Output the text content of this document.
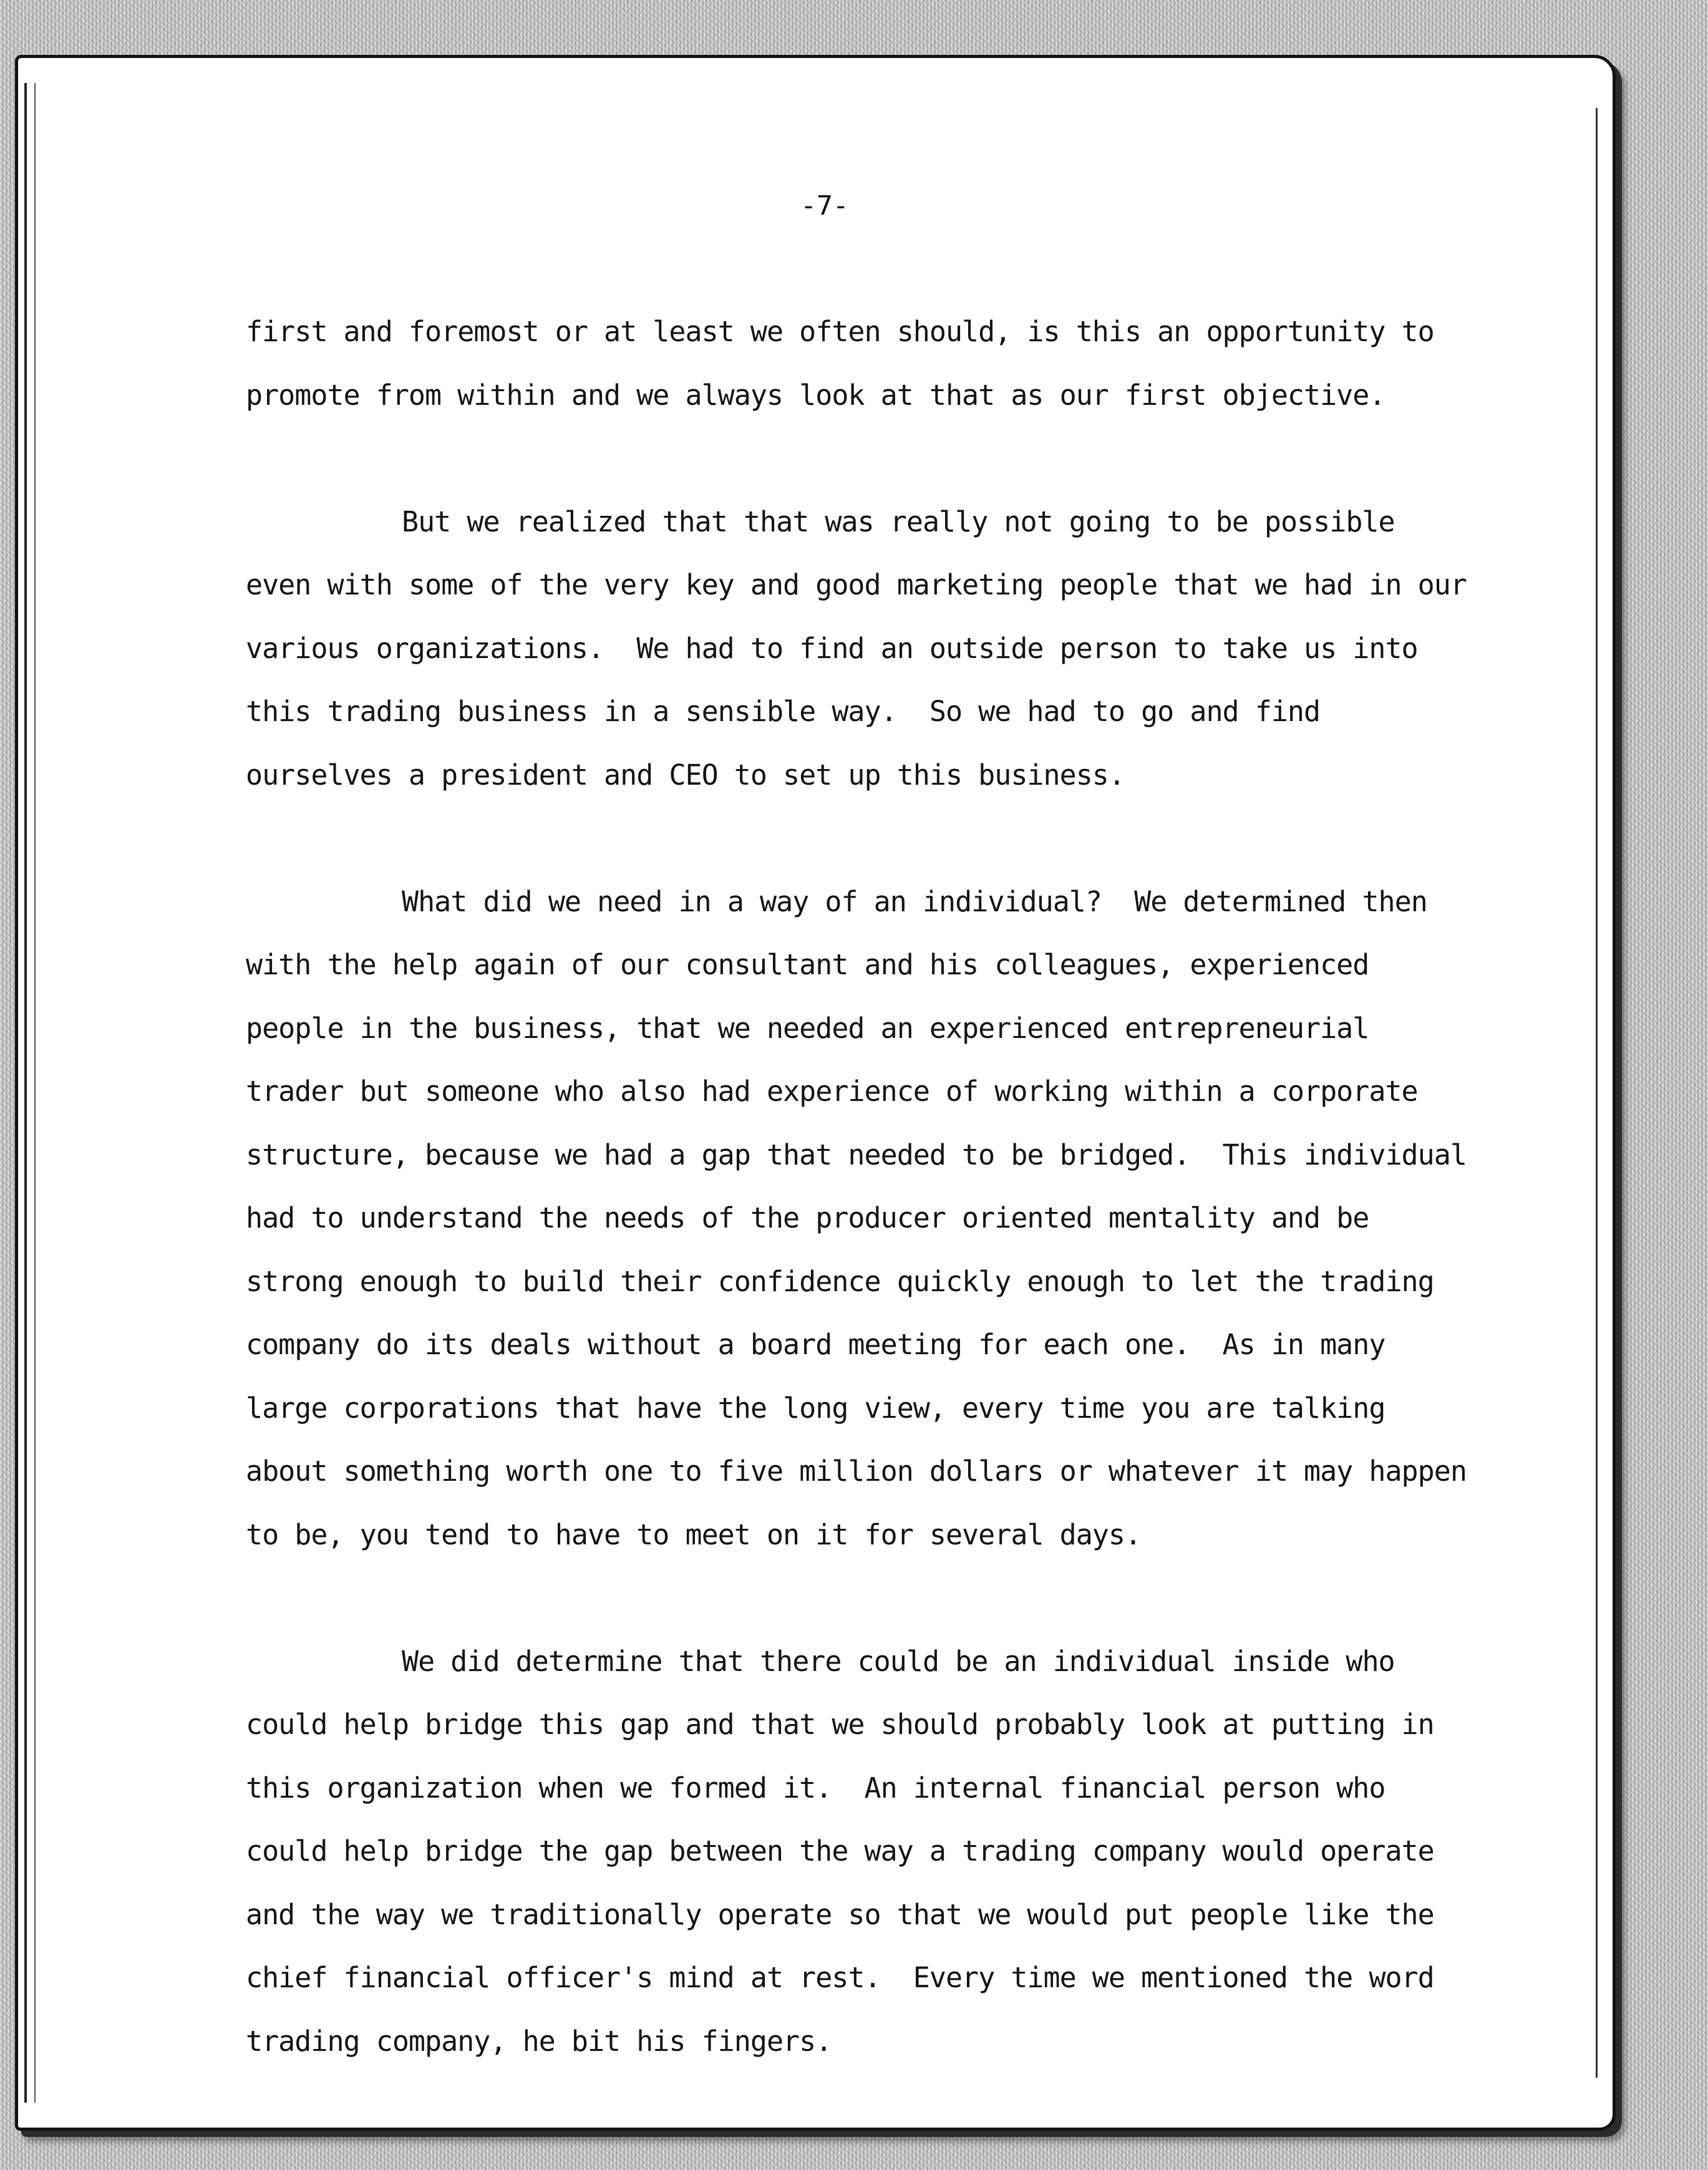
-7-

first and foremost or at least we often should, is this an opportunity to promote from within and we always look at that as our first objective.

But we realized that that was really not going to be possible even with some of the very key and good marketing people that we had in our various organizations.  We had to find an outside person to take us into this trading business in a sensible way.  So we had to go and find ourselves a president and CEO to set up this business.

What did we need in a way of an individual?  We determined then with the help again of our consultant and his colleagues, experienced people in the business, that we needed an experienced entrepreneurial trader but someone who also had experience of working within a corporate structure, because we had a gap that needed to be bridged.  This individual had to understand the needs of the producer oriented mentality and be strong enough to build their confidence quickly enough to let the trading company do its deals without a board meeting for each one.  As in many large corporations that have the long view, every time you are talking about something worth one to five million dollars or whatever it may happen to be, you tend to have to meet on it for several days.

We did determine that there could be an individual inside who could help bridge this gap and that we should probably look at putting in this organization when we formed it.  An internal financial person who could help bridge the gap between the way a trading company would operate and the way we traditionally operate so that we would put people like the chief financial officer's mind at rest.  Every time we mentioned the word trading company, he bit his fingers.
